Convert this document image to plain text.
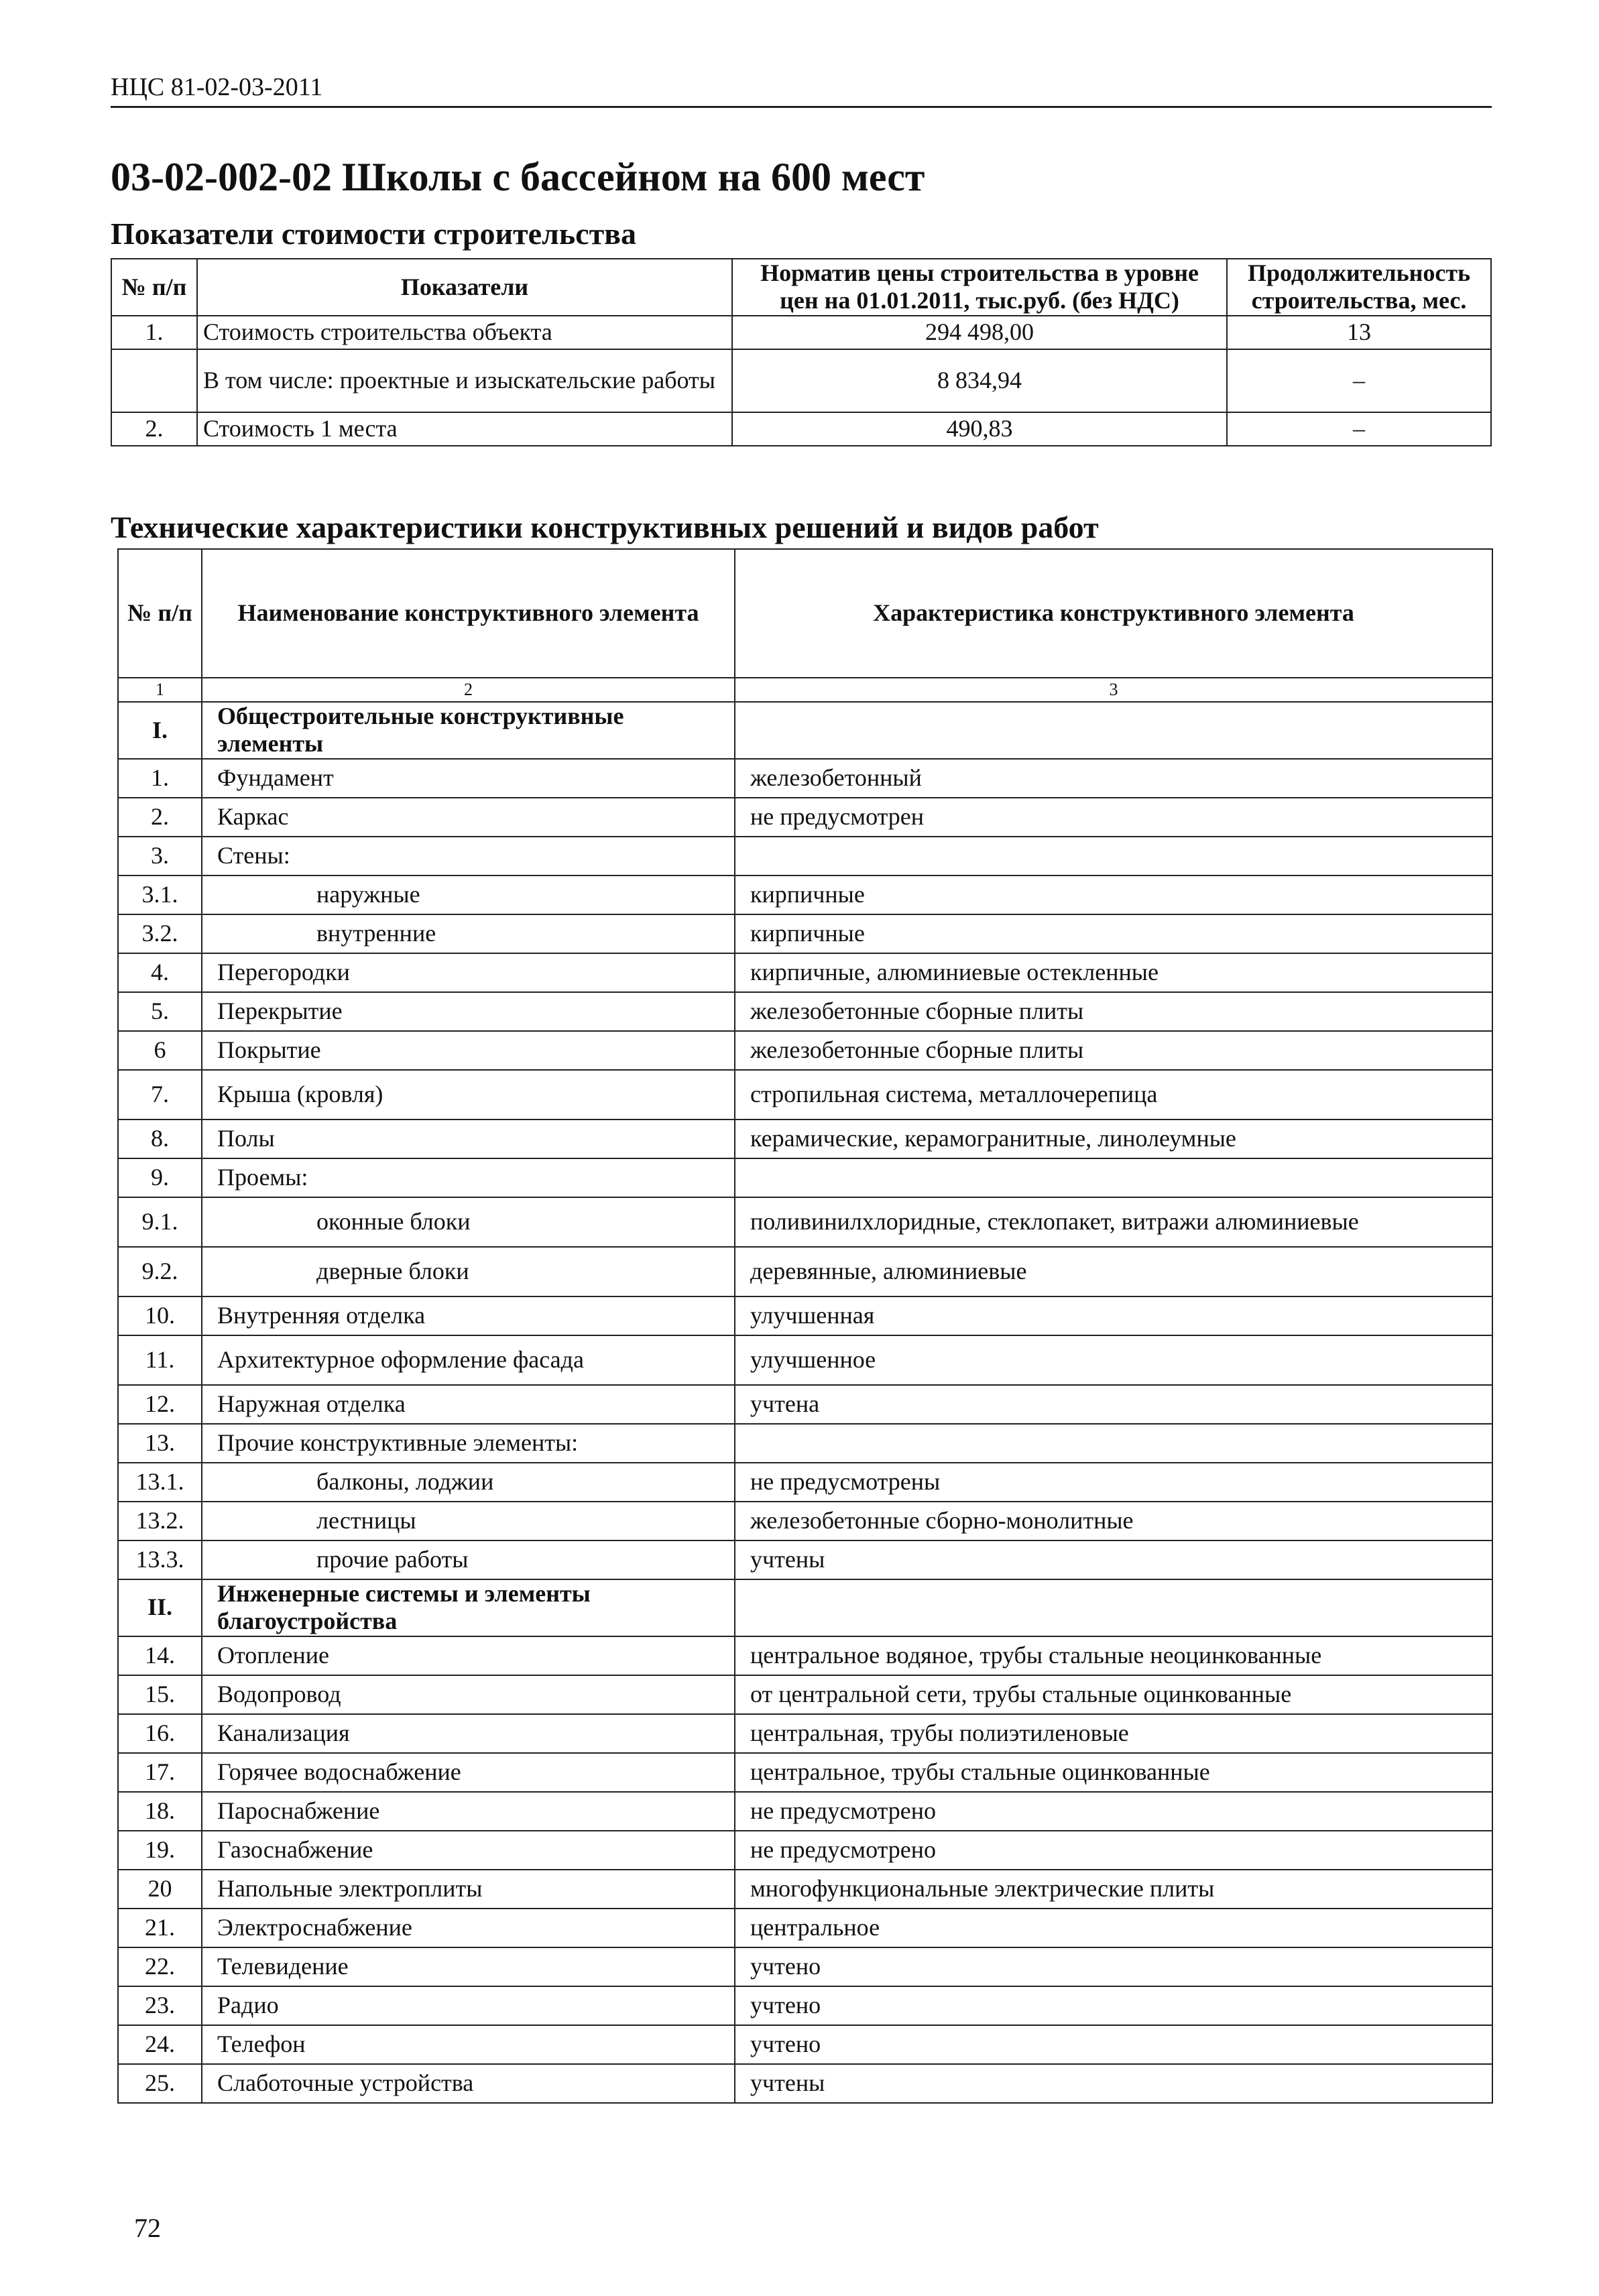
НЦС 81-02-03-2011
03-02-002-02 Школы с бассейном на 600 мест
Показатели стоимости строительства
№ п/п	Показатели	Норматив цены строительства в уровне цен на 01.01.2011, тыс.руб. (без НДС)	Продолжительность строительства, мес.
1.	Стоимость строительства объекта	294 498,00	13
	В том числе: проектные и изыскательские работы	8 834,94	–
2.	Стоимость 1 места	490,83	–
Технические характеристики конструктивных решений и видов работ
№ п/п	Наименование конструктивного элемента	Характеристика конструктивного элемента
1	2	3
I.	Общестроительные конструктивные элементы	
1.	Фундамент	железобетонный
2.	Каркас	не предусмотрен
3.	Стены:	
3.1.	наружные	кирпичные
3.2.	внутренние	кирпичные
4.	Перегородки	кирпичные, алюминиевые остекленные
5.	Перекрытие	железобетонные сборные плиты
6	Покрытие	железобетонные сборные плиты
7.	Крыша (кровля)	стропильная система, металлочерепица
8.	Полы	керамические, керамогранитные, линолеумные
9.	Проемы:	
9.1.	оконные блоки	поливинилхлоридные, стеклопакет, витражи алюминиевые
9.2.	дверные блоки	деревянные, алюминиевые
10.	Внутренняя отделка	улучшенная
11.	Архитектурное оформление фасада	улучшенное
12.	Наружная отделка	учтена
13.	Прочие конструктивные элементы:	
13.1.	балконы, лоджии	не предусмотрены
13.2.	лестницы	железобетонные сборно-монолитные
13.3.	прочие работы	учтены
II.	Инженерные системы и элементы благоустройства	
14.	Отопление	центральное водяное, трубы стальные неоцинкованные
15.	Водопровод	от центральной сети, трубы стальные оцинкованные
16.	Канализация	центральная, трубы полиэтиленовые
17.	Горячее водоснабжение	центральное, трубы стальные оцинкованные
18.	Пароснабжение	не предусмотрено
19.	Газоснабжение	не предусмотрено
20	Напольные электроплиты	многофункциональные электрические плиты
21.	Электроснабжение	центральное
22.	Телевидение	учтено
23.	Радио	учтено
24.	Телефон	учтено
25.	Слаботочные устройства	учтены
72
